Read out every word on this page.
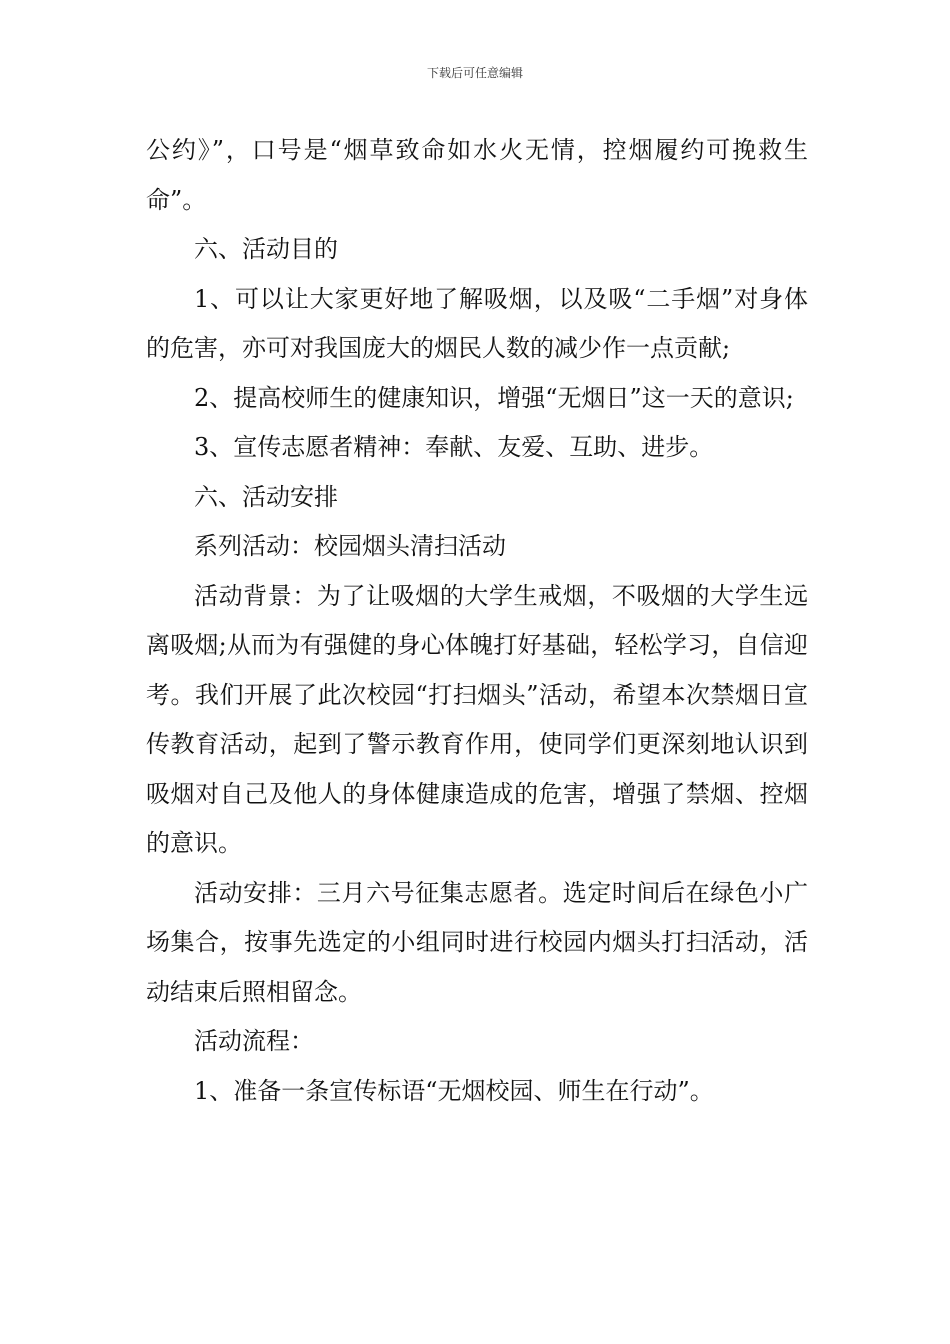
下载后可任意编辑

公约》”，口号是“烟草致命如水火无情，控烟履约可挽救生命”。

六、活动目的

1、可以让大家更好地了解吸烟，以及吸“二手烟”对身体的危害，亦可对我国庞大的烟民人数的减少作一点贡献;

2、提高校师生的健康知识，增强“无烟日”这一天的意识;

3、宣传志愿者精神：奉献、友爱、互助、进步。

六、活动安排

系列活动：校园烟头清扫活动

活动背景：为了让吸烟的大学生戒烟，不吸烟的大学生远离吸烟;从而为有强健的身心体魄打好基础，轻松学习，自信迎考。我们开展了此次校园“打扫烟头”活动，希望本次禁烟日宣传教育活动，起到了警示教育作用，使同学们更深刻地认识到吸烟对自己及他人的身体健康造成的危害，增强了禁烟、控烟的意识。

活动安排：三月六号征集志愿者。选定时间后在绿色小广场集合，按事先选定的小组同时进行校园内烟头打扫活动，活动结束后照相留念。

活动流程：

1、准备一条宣传标语“无烟校园、师生在行动”。
